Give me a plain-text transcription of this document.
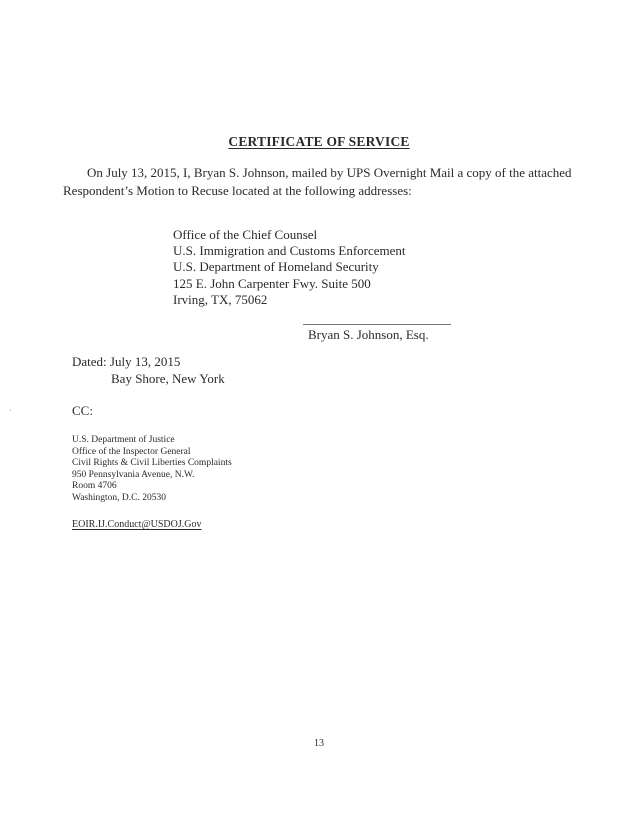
CERTIFICATE OF SERVICE
On July 13, 2015, I, Bryan S. Johnson, mailed by UPS Overnight Mail a copy of the attached
Respondent’s Motion to Recuse located at the following addresses:
Office of the Chief Counsel
U.S. Immigration and Customs Enforcement
U.S. Department of Homeland Security
125 E. John Carpenter Fwy. Suite 500
Irving, TX, 75062
Bryan S. Johnson, Esq.
Dated: July 13, 2015
Bay Shore, New York
CC:
U.S. Department of Justice
Office of the Inspector General
Civil Rights & Civil Liberties Complaints
950 Pennsylvania Avenue, N.W.
Room 4706
Washington, D.C. 20530
EOIR.IJ.Conduct@USDOJ.Gov
13
